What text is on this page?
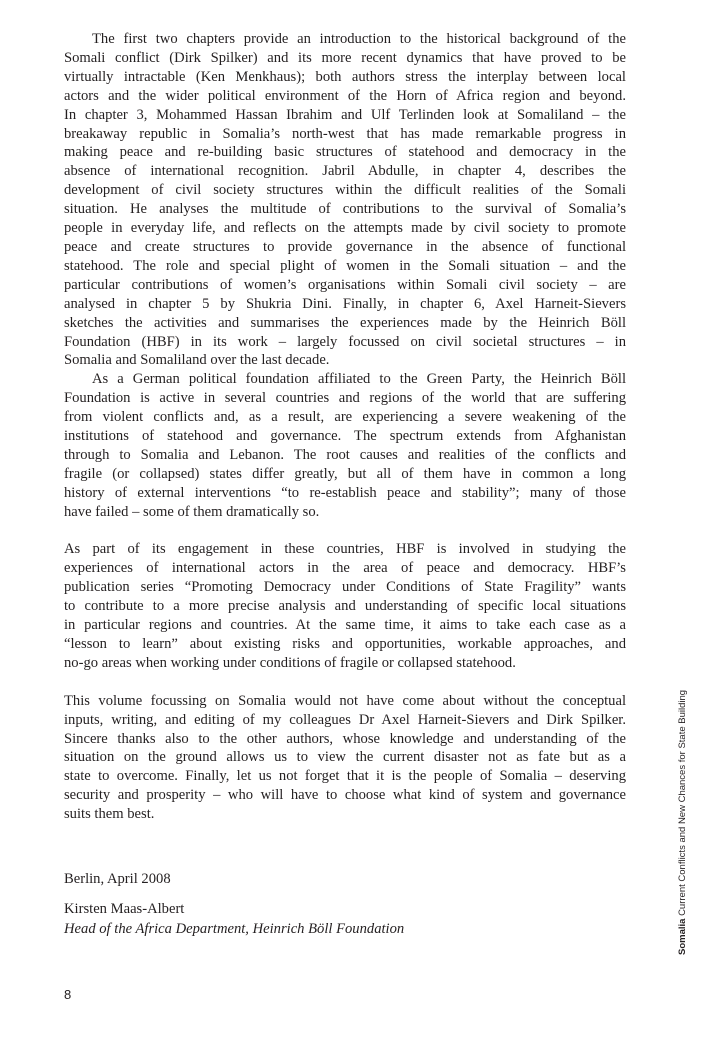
The first two chapters provide an introduction to the historical background of the
Somali conflict (Dirk Spilker) and its more recent dynamics that have proved to be
virtually intractable (Ken Menkhaus); both authors stress the interplay between local
actors and the wider political environment of the Horn of Africa region and beyond.
In chapter 3, Mohammed Hassan Ibrahim and Ulf Terlinden look at Somaliland – the
breakaway republic in Somalia’s north-west that has made remarkable progress in
making peace and re-building basic structures of statehood and democracy in the
absence of international recognition. Jabril Abdulle, in chapter 4, describes the
development of civil society structures within the difficult realities of the Somali
situation. He analyses the multitude of contributions to the survival of Somalia’s
people in everyday life, and reflects on the attempts made by civil society to promote
peace and create structures to provide governance in the absence of functional
statehood. The role and special plight of women in the Somali situation – and the
particular contributions of women’s organisations within Somali civil society – are
analysed in chapter 5 by Shukria Dini. Finally, in chapter 6, Axel Harneit-Sievers
sketches the activities and summarises the experiences made by the Heinrich Böll
Foundation (HBF) in its work – largely focussed on civil societal structures – in
Somalia and Somaliland over the last decade.
As a German political foundation affiliated to the Green Party, the Heinrich Böll
Foundation is active in several countries and regions of the world that are suffering
from violent conflicts and, as a result, are experiencing a severe weakening of the
institutions of statehood and governance. The spectrum extends from Afghanistan
through to Somalia and Lebanon. The root causes and realities of the conflicts and
fragile (or collapsed) states differ greatly, but all of them have in common a long
history of external interventions “to re-establish peace and stability”; many of those
have failed – some of them dramatically so.
As part of its engagement in these countries, HBF is involved in studying the
experiences of international actors in the area of peace and democracy. HBF’s
publication series “Promoting Democracy under Conditions of State Fragility” wants
to contribute to a more precise analysis and understanding of specific local situations
in particular regions and countries. At the same time, it aims to take each case as a
“lesson to learn” about existing risks and opportunities, workable approaches, and
no-go areas when working under conditions of fragile or collapsed statehood.
This volume focussing on Somalia would not have come about without the conceptual
inputs, writing, and editing of my colleagues Dr Axel Harneit-Sievers and Dirk Spilker.
Sincere thanks also to the other authors, whose knowledge and understanding of the
situation on the ground allows us to view the current disaster not as fate but as a
state to overcome. Finally, let us not forget that it is the people of Somalia – deserving
security and prosperity – who will have to choose what kind of system and governance
suits them best.
Berlin, April 2008
Kirsten Maas-Albert
Head of the Africa Department, Heinrich Böll Foundation
8
Somalia Current Conflicts and New Chances for State Building
